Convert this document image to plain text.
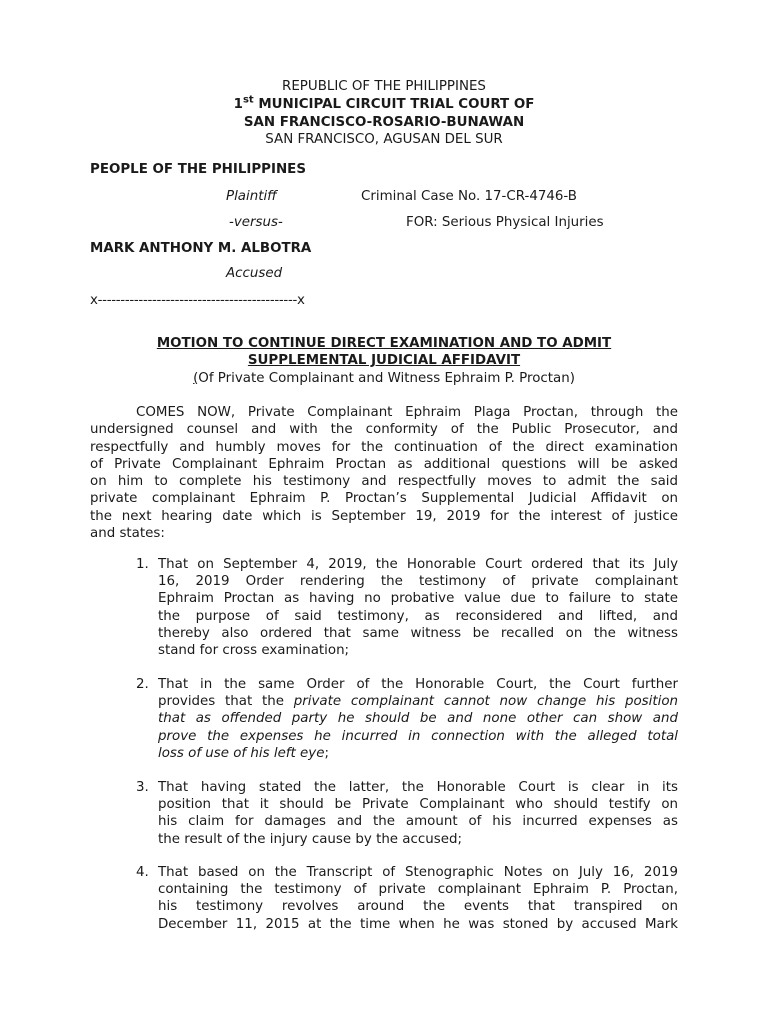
REPUBLIC OF THE PHILIPPINES
1st MUNICIPAL CIRCUIT TRIAL COURT OF
SAN FRANCISCO-ROSARIO-BUNAWAN
SAN FRANCISCO, AGUSAN DEL SUR
PEOPLE OF THE PHILIPPINES
Plaintiff	Criminal Case No. 17-CR-4746-B
-versus-	FOR: Serious Physical Injuries
MARK ANTHONY M. ALBOTRA
Accused
x--------------------------------------------x
MOTION TO CONTINUE DIRECT EXAMINATION AND TO ADMIT
SUPPLEMENTAL JUDICIAL AFFIDAVIT
(Of Private Complainant and Witness Ephraim P. Proctan)
COMES NOW, Private Complainant Ephraim Plaga Proctan, through the
undersigned counsel and with the conformity of the Public Prosecutor, and
respectfully and humbly moves for the continuation of the direct examination
of Private Complainant Ephraim Proctan as additional questions will be asked
on him to complete his testimony and respectfully moves to admit the said
private complainant Ephraim P. Proctan’s Supplemental Judicial Affidavit on
the next hearing date which is September 19, 2019 for the interest of justice
and states:
1. That on September 4, 2019, the Honorable Court ordered that its July
16, 2019 Order rendering the testimony of private complainant
Ephraim Proctan as having no probative value due to failure to state
the purpose of said testimony, as reconsidered and lifted, and
thereby also ordered that same witness be recalled on the witness
stand for cross examination;
2. That in the same Order of the Honorable Court, the Court further
provides that the private complainant cannot now change his position
that as offended party he should be and none other can show and
prove the expenses he incurred in connection with the alleged total
loss of use of his left eye;
3. That having stated the latter, the Honorable Court is clear in its
position that it should be Private Complainant who should testify on
his claim for damages and the amount of his incurred expenses as
the result of the injury cause by the accused;
4. That based on the Transcript of Stenographic Notes on July 16, 2019
containing the testimony of private complainant Ephraim P. Proctan,
his testimony revolves around the events that transpired on
December 11, 2015 at the time when he was stoned by accused Mark
